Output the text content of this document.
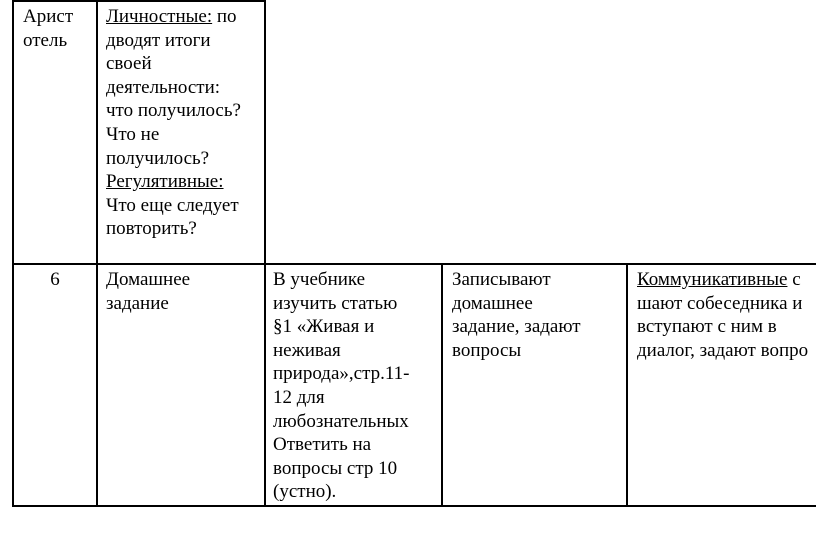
Арист
отель
Личностные: по
дводят итоги
своей
деятельности:
что получилось?
Что не
получилось?
Регулятивные:
Что еще следует
повторить?
6	Домашнее
задание
В учебнике
изучить статью
§1 «Живая и
неживая
природа»,стр.11-
12 для
любознательных
Ответить на
вопросы стр 10
(устно).
Записывают
домашнее
задание, задают
вопросы
Коммуникативные с
шают собеседника и
вступают с ним в
диалог, задают вопро
